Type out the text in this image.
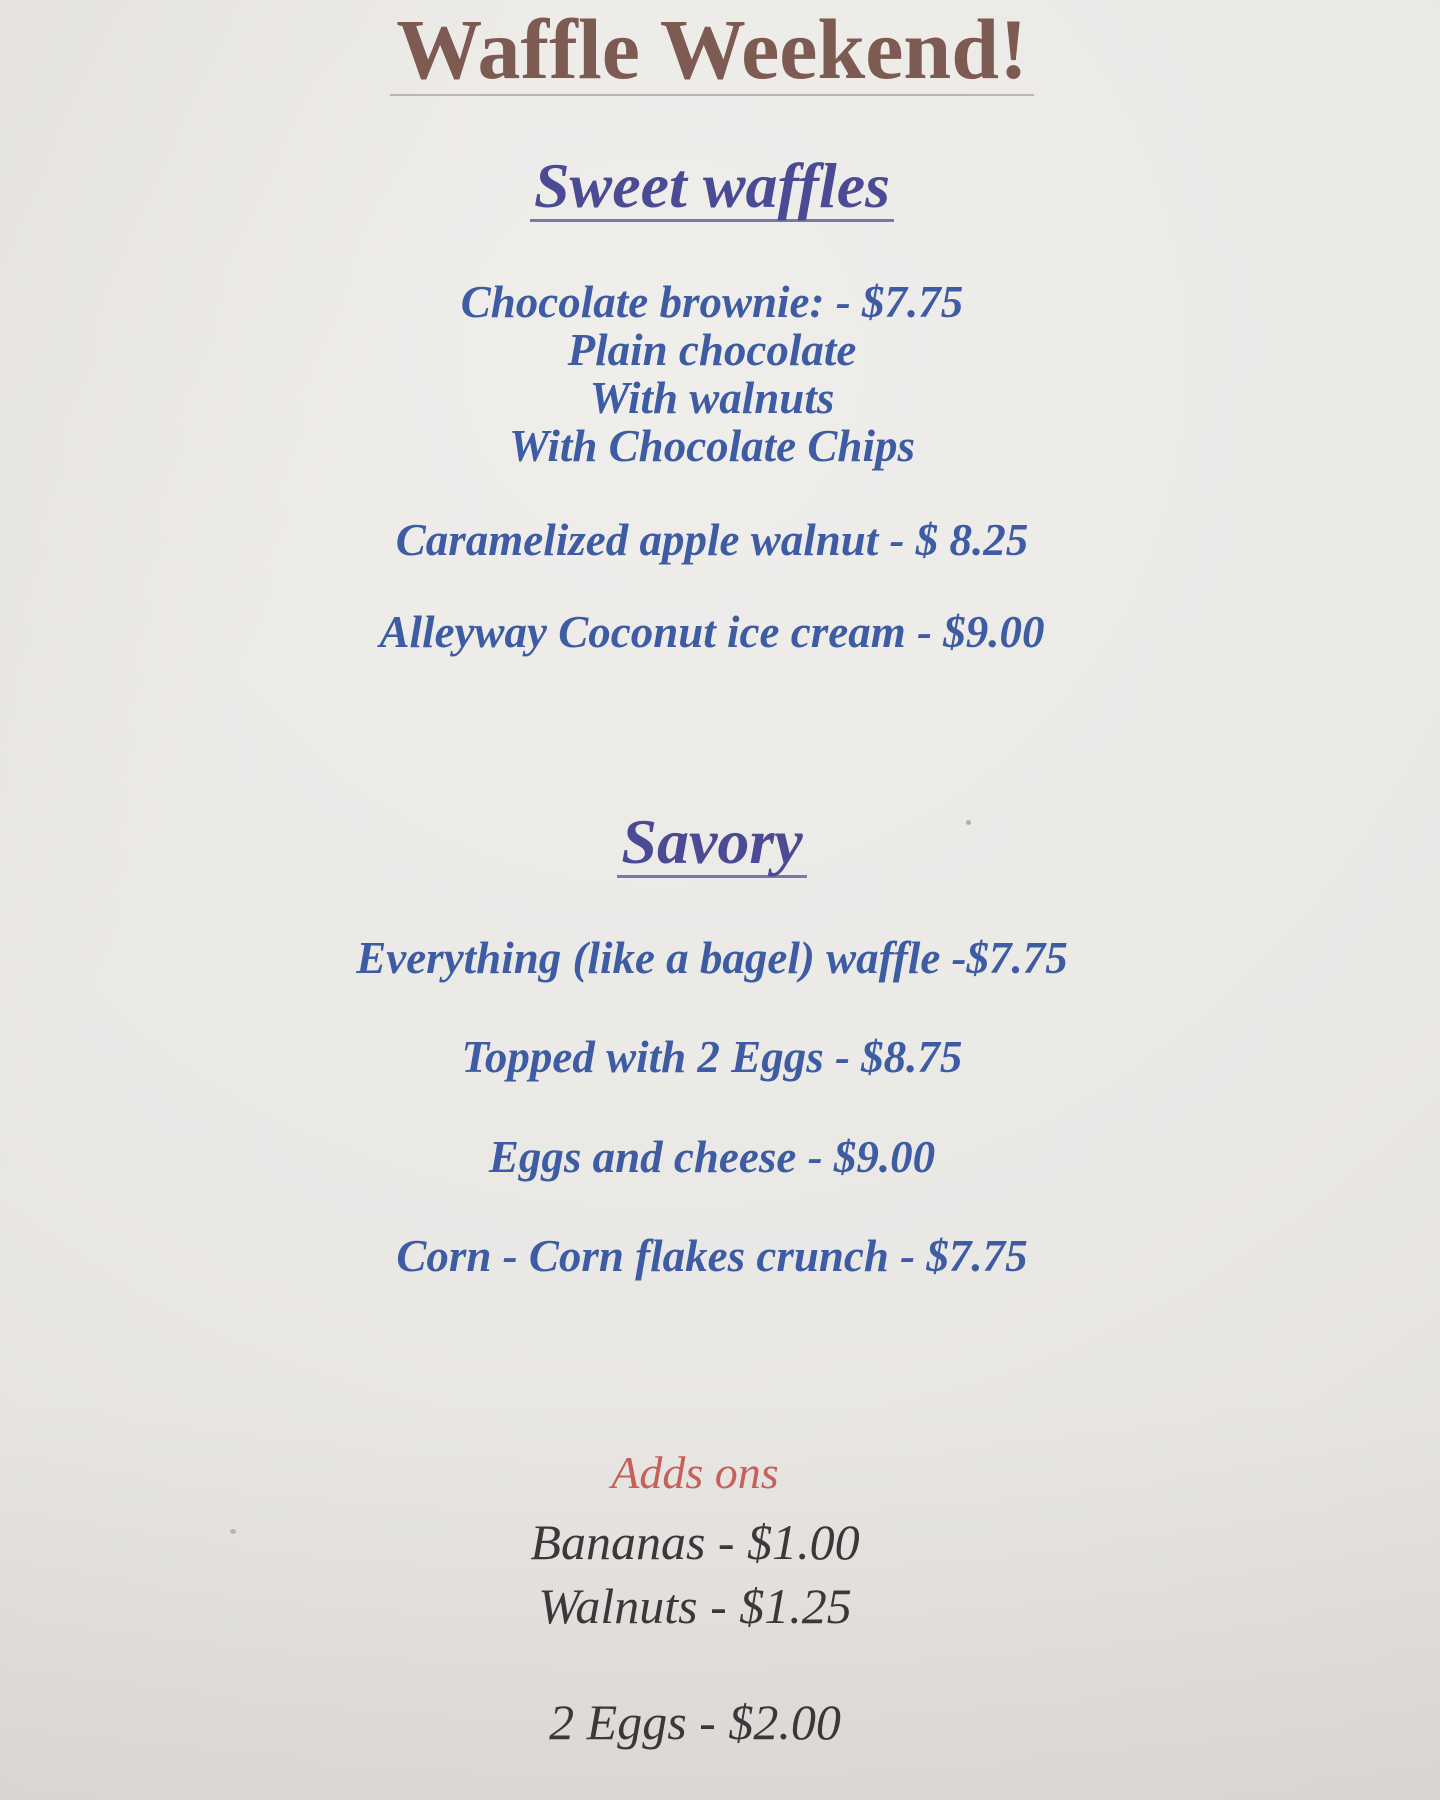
Waffle Weekend!
Sweet waffles
Chocolate brownie: - $7.75
Plain chocolate
With walnuts
With Chocolate Chips
Caramelized apple walnut - $ 8.25
Alleyway Coconut ice cream - $9.00
Savory
Everything (like a bagel) waffle -$7.75
Topped with 2 Eggs - $8.75
Eggs and cheese - $9.00
Corn - Corn flakes crunch - $7.75
Adds ons
Bananas - $1.00
Walnuts - $1.25
2 Eggs - $2.00
